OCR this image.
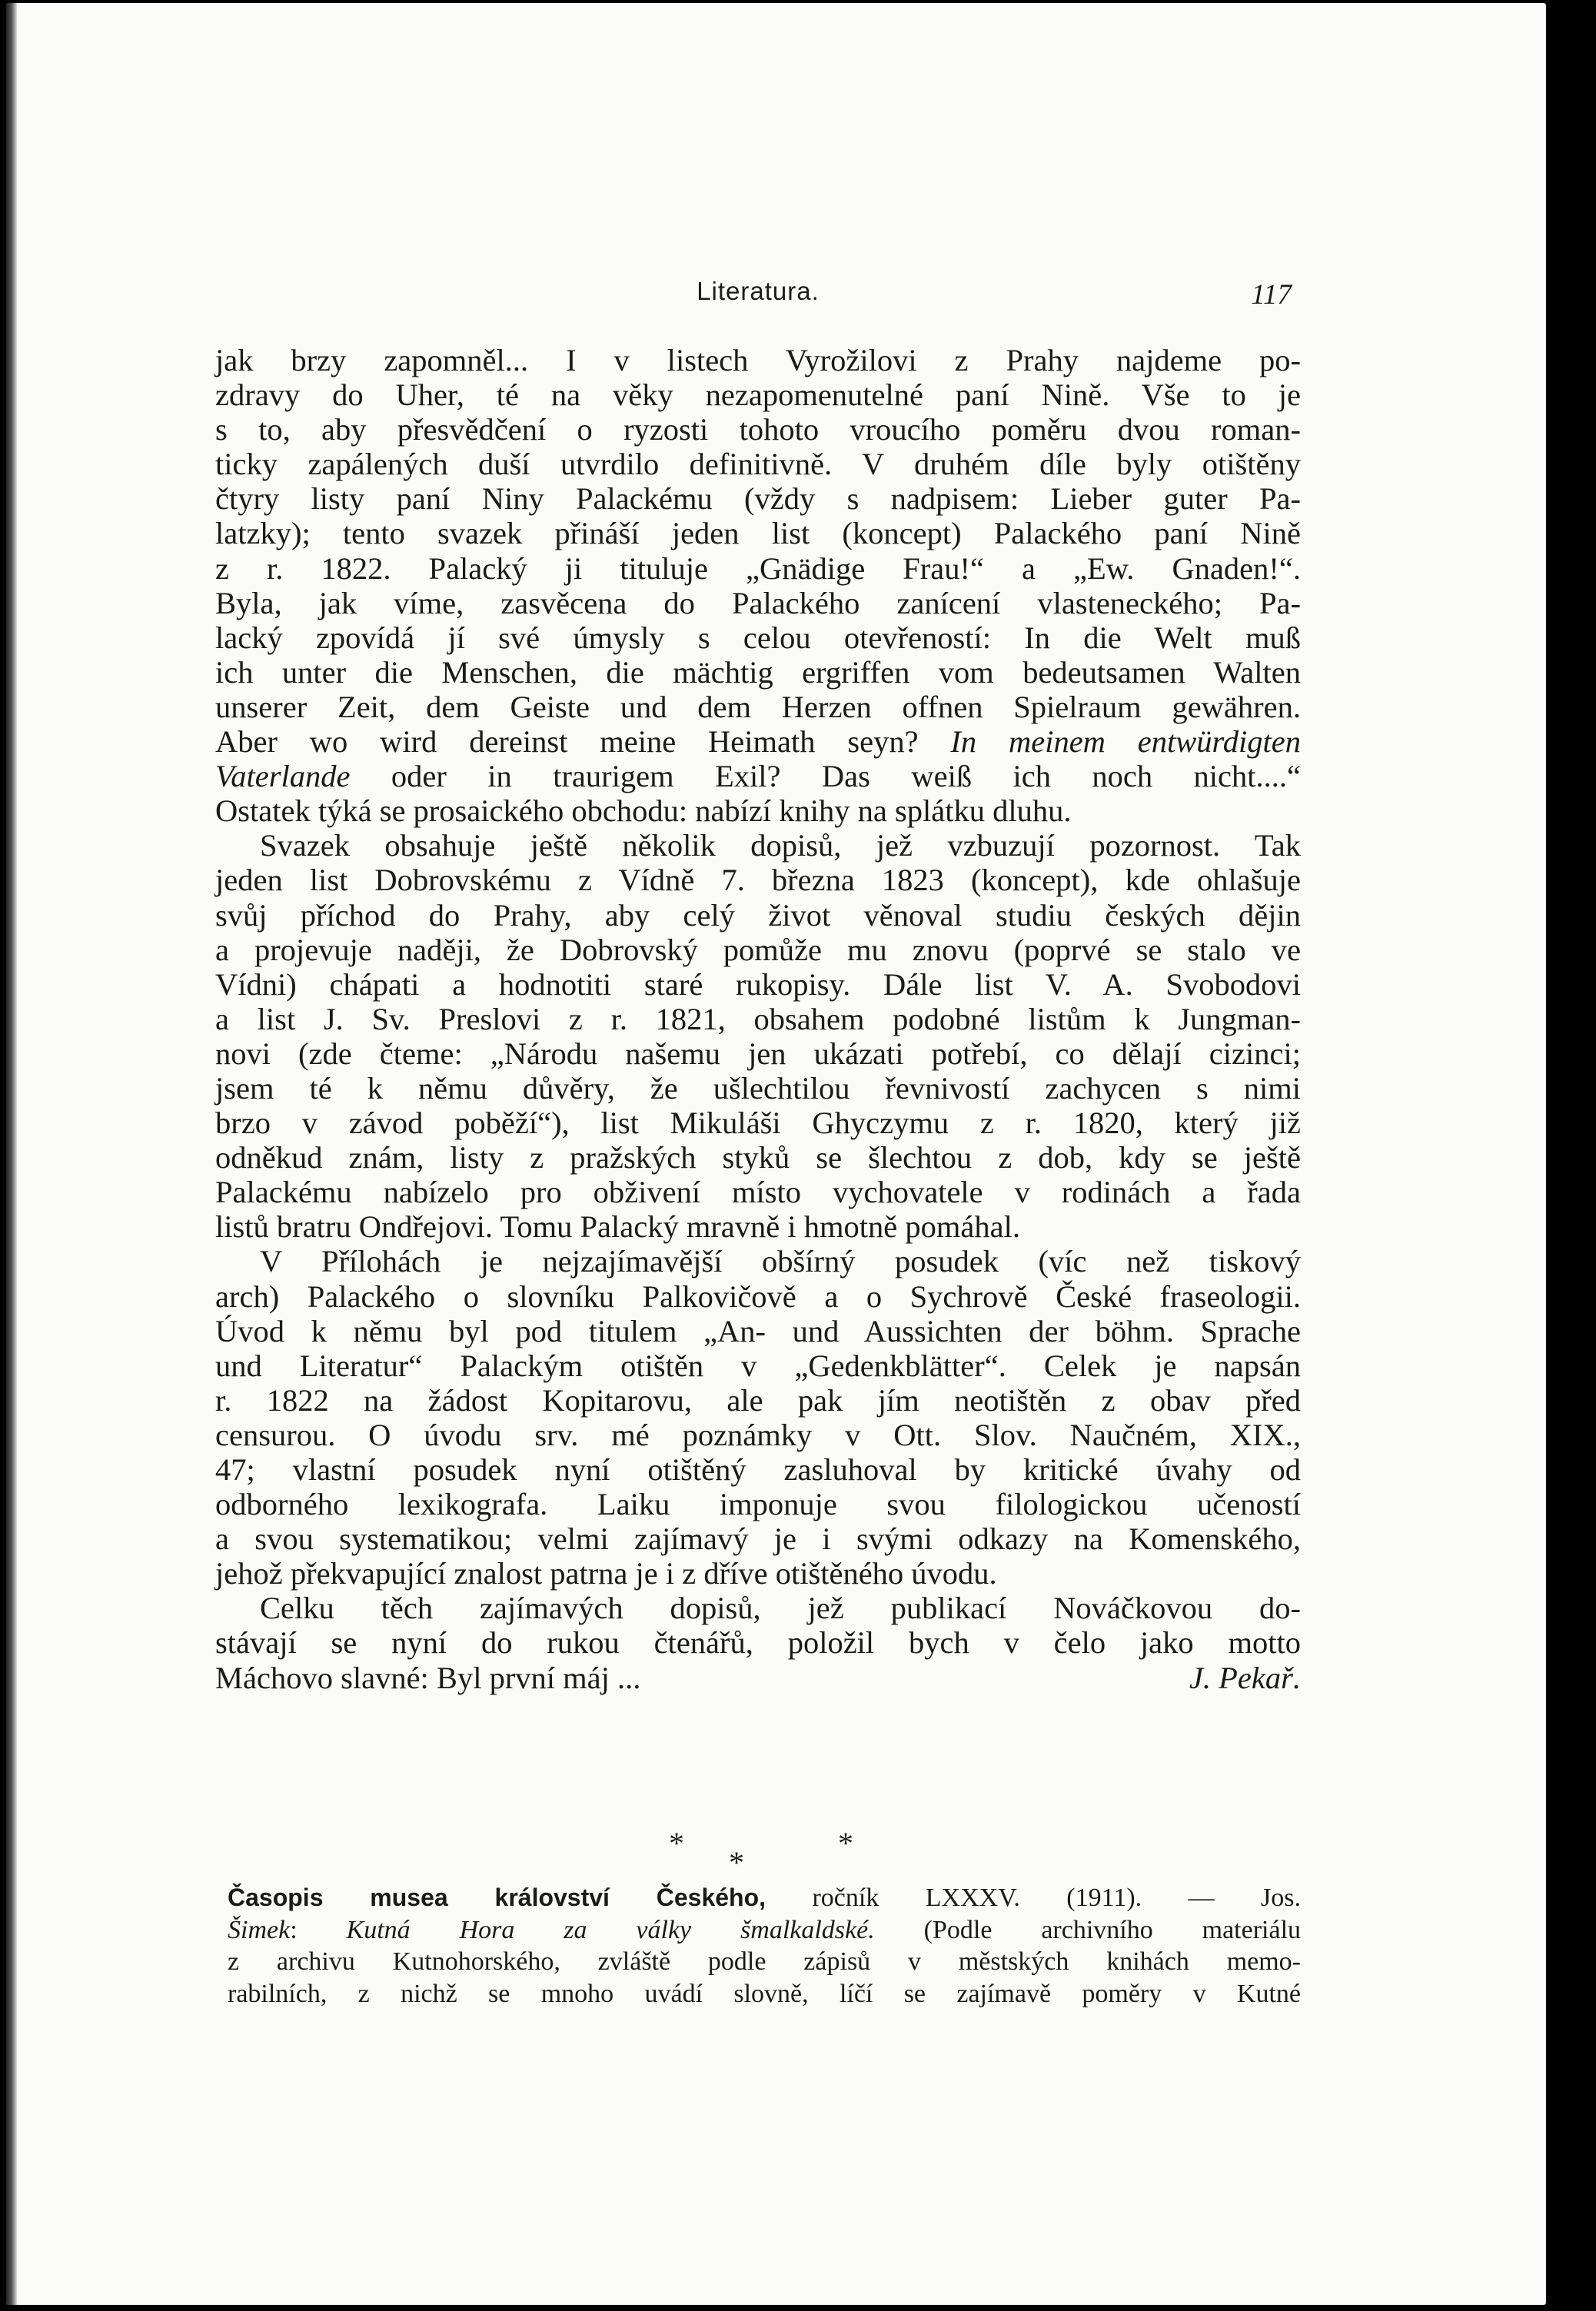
Literatura.	117
jak brzy zapomněl... I v listech Vyrožilovi z Prahy najdeme po-
zdravy do Uher, té na věky nezapomenutelné paní Nině. Vše to je
s to, aby přesvědčení o ryzosti tohoto vroucího poměru dvou roman-
ticky zapálených duší utvrdilo definitivně. V druhém díle byly otištěny
čtyry listy paní Niny Palackému (vždy s nadpisem: Lieber guter Pa-
latzky); tento svazek přináší jeden list (koncept) Palackého paní Nině
z r. 1822. Palacký ji tituluje „Gnädige Frau!“ a „Ew. Gnaden!“.
Byla, jak víme, zasvěcena do Palackého zanícení vlasteneckého; Pa-
lacký zpovídá jí své úmysly s celou otevřeností: In die Welt muß
ich unter die Menschen, die mächtig ergriffen vom bedeutsamen Walten
unserer Zeit, dem Geiste und dem Herzen offnen Spielraum gewähren.
Aber wo wird dereinst meine Heimath seyn? In meinem entwürdigten
Vaterlande oder in traurigem Exil? Das weiß ich noch nicht....“
Ostatek týká se prosaického obchodu: nabízí knihy na splátku dluhu.
Svazek obsahuje ještě několik dopisů, jež vzbuzují pozornost. Tak
jeden list Dobrovskému z Vídně 7. března 1823 (koncept), kde ohlašuje
svůj příchod do Prahy, aby celý život věnoval studiu českých dějin
a projevuje naději, že Dobrovský pomůže mu znovu (poprvé se stalo ve
Vídni) chápati a hodnotiti staré rukopisy. Dále list V. A. Svobodovi
a list J. Sv. Preslovi z r. 1821, obsahem podobné listům k Jungman-
novi (zde čteme: „Národu našemu jen ukázati potřebí, co dělají cizinci;
jsem té k němu důvěry, že ušlechtilou řevnivostí zachycen s nimi
brzo v závod poběží“), list Mikuláši Ghyczymu z r. 1820, který již
odněkud znám, listy z pražských styků se šlechtou z dob, kdy se ještě
Palackému nabízelo pro obživení místo vychovatele v rodinách a řada
listů bratru Ondřejovi. Tomu Palacký mravně i hmotně pomáhal.
V Přílohách je nejzajímavější obšírný posudek (víc než tiskový
arch) Palackého o slovníku Palkovičově a o Sychrově České fraseologii.
Úvod k němu byl pod titulem „An- und Aussichten der böhm. Sprache
und Literatur“ Palackým otištěn v „Gedenkblätter“. Celek je napsán
r. 1822 na žádost Kopitarovu, ale pak jím neotištěn z obav před
censurou. O úvodu srv. mé poznámky v Ott. Slov. Naučném, XIX.,
47; vlastní posudek nyní otištěný zasluhoval by kritické úvahy od
odborného lexikografa. Laiku imponuje svou filologickou učeností
a svou systematikou; velmi zajímavý je i svými odkazy na Komenského,
jehož překvapující znalost patrna je i z dříve otištěného úvodu.
Celku těch zajímavých dopisů, jež publikací Nováčkovou do-
stávají se nyní do rukou čtenářů, položil bych v čelo jako motto
Máchovo slavné: Byl první máj ...	J. Pekař.
*
*
*
Časopis musea království Českého, ročník LXXXV. (1911). — Jos.
Šimek: Kutná Hora za války šmalkaldské. (Podle archivního materiálu
z archivu Kutnohorského, zvláště podle zápisů v městských knihách memo-
rabilních, z nichž se mnoho uvádí slovně, líčí se zajímavě poměry v Kutné
